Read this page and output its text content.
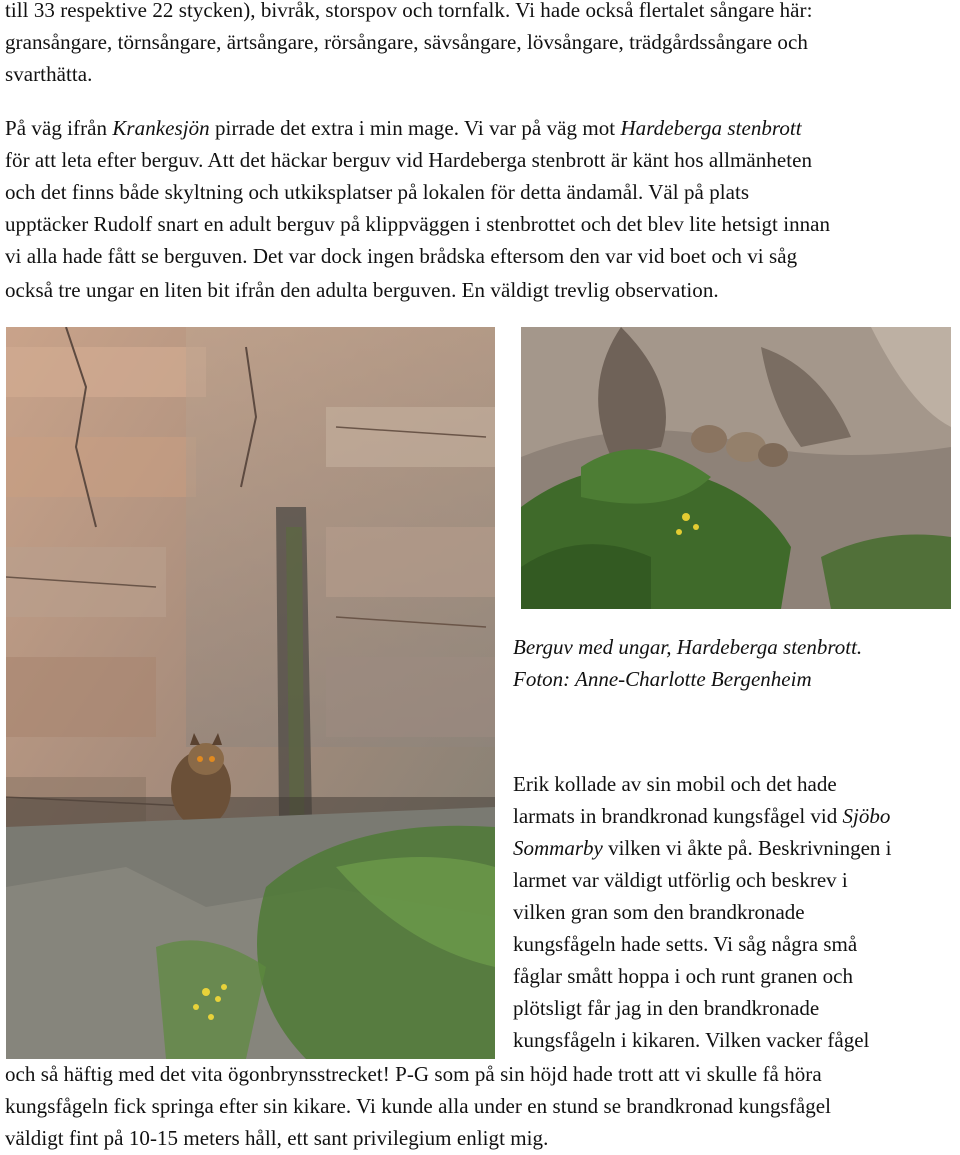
till 33 respektive 22 stycken), bivråk, storspov och tornfalk. Vi hade också flertalet sångare här:
gransångare, törnsångare, ärtsångare, rörsångare, sävsångare, lövsångare, trädgårdssångare och
svarthätta.
På väg ifrån Krankesjön pirrade det extra i min mage. Vi var på väg mot Hardeberga stenbrott
för att leta efter berguv. Att det häckar berguv vid Hardeberga stenbrott är känt hos allmänheten
och det finns både skyltning och utkiksplatser på lokalen för detta ändamål. Väl på plats
upptäcker Rudolf snart en adult berguv på klippväggen i stenbrottet och det blev lite hetsigt innan
vi alla hade fått se berguven. Det var dock ingen brådska eftersom den var vid boet och vi såg
också tre ungar en liten bit ifrån den adulta berguven. En väldigt trevlig observation.
Berguv med ungar, Hardeberga stenbrott.
Foton: Anne-Charlotte Bergenheim
Erik kollade av sin mobil och det hade
larmats in brandkronad kungsfågel vid Sjöbo
Sommarby vilken vi åkte på. Beskrivningen i
larmet var väldigt utförlig och beskrev i
vilken gran som den brandkronade
kungsfågeln hade setts. Vi såg några små
fåglar smått hoppa i och runt granen och
plötsligt får jag in den brandkronade
kungsfågeln i kikaren. Vilken vacker fågel
och så häftig med det vita ögonbrynsstrecket! P-G som på sin höjd hade trott att vi skulle få höra
kungsfågeln fick springa efter sin kikare. Vi kunde alla under en stund se brandkronad kungsfågel
väldigt fint på 10-15 meters håll, ett sant privilegium enligt mig.
